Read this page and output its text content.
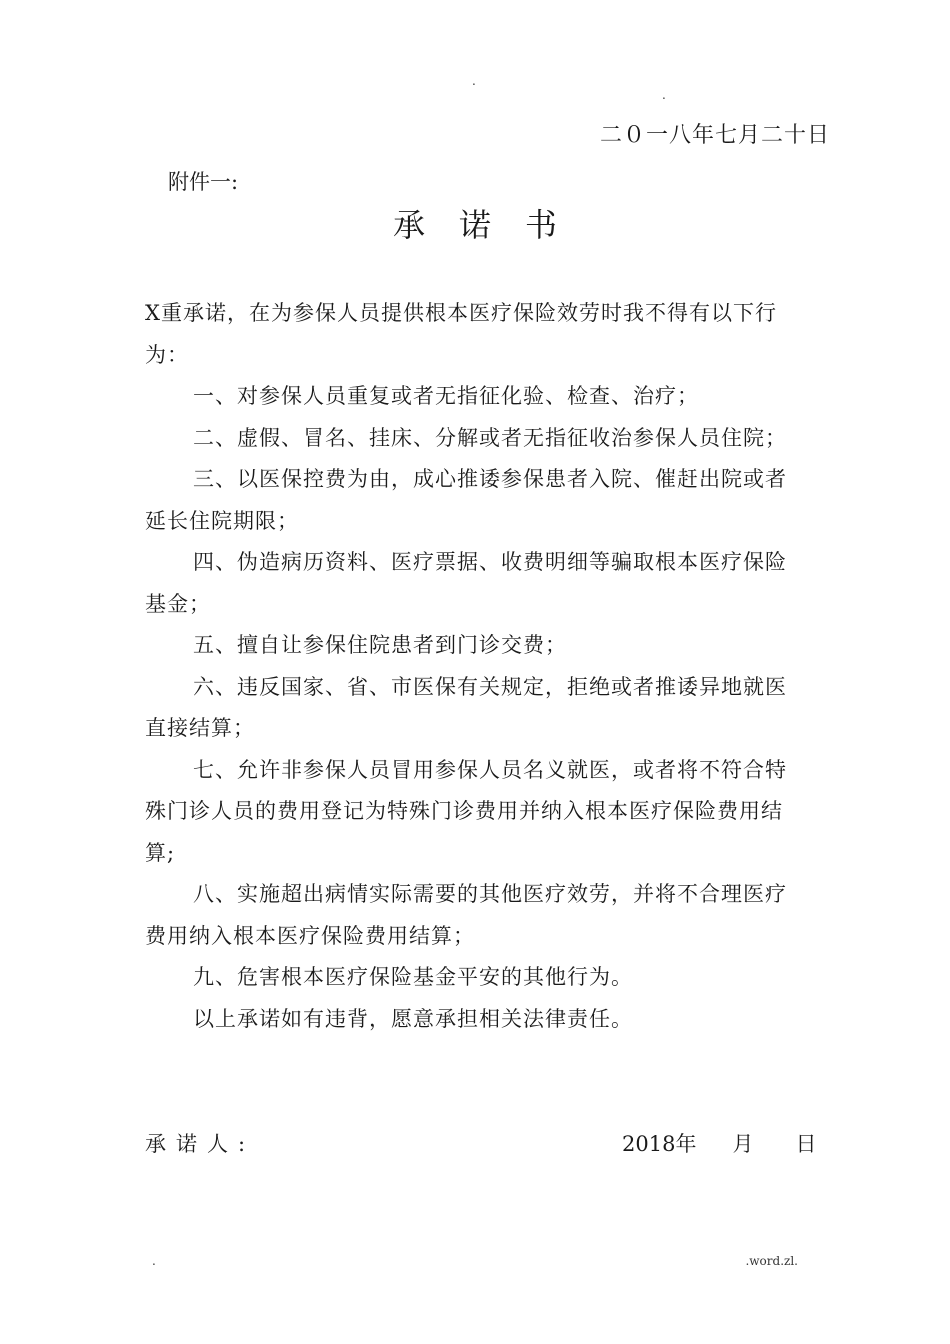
.
.
二０一八年七月二十日
附件一:
承诺书

X重承诺，在为参保人员提供根本医疗保险效劳时我不得有以下行为：

一、对参保人员重复或者无指征化验、检查、治疗；

二、虚假、冒名、挂床、分解或者无指征收治参保人员住院；

三、以医保控费为由，成心推诿参保患者入院、催赶出院或者延长住院期限；

四、伪造病历资料、医疗票据、收费明细等骗取根本医疗保险基金；

五、擅自让参保住院患者到门诊交费；

六、违反国家、省、市医保有关规定，拒绝或者推诿异地就医直接结算；

七、允许非参保人员冒用参保人员名义就医，或者将不符合特殊门诊人员的费用登记为特殊门诊费用并纳入根本医疗保险费用结算;

八、实施超出病情实际需要的其他医疗效劳，并将不合理医疗费用纳入根本医疗保险费用结算；

九、危害根本医疗保险基金平安的其他行为。

以上承诺如有违背，愿意承担相关法律责任。

承诺人:	2018年 月 日
.	.word.zl.
